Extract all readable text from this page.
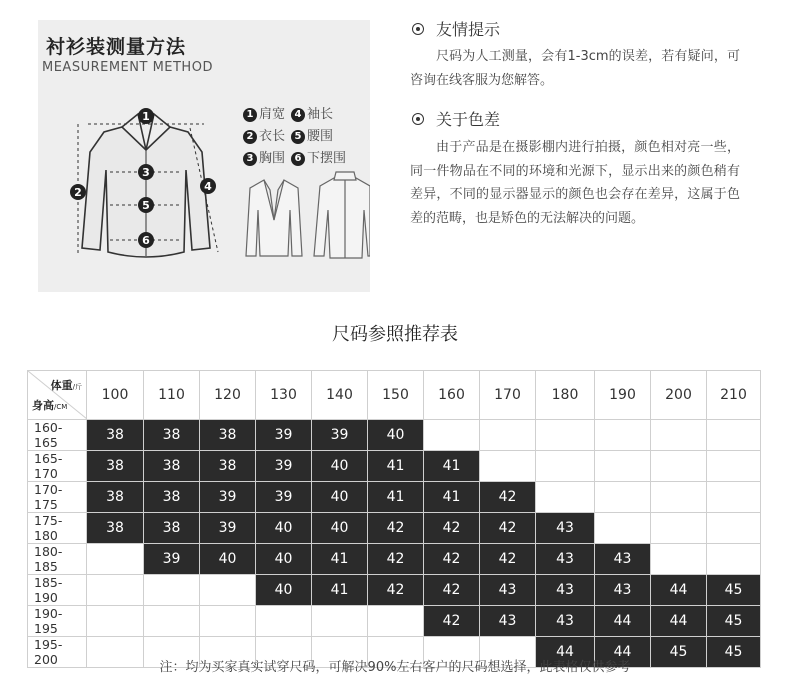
衬衫装测量方法
MEASUREMENT METHOD
1
2
3
4
5
6
1 肩宽 4 袖长
2 衣长 5 腰围
3 胸围 6 下摆围
友情提示
尺码为人工测量，会有1-3cm的误差，若有疑问，可咨询在线客服为您解答。
关于色差
由于产品是在摄影棚内进行拍摄，颜色相对亮一些，同一件物品在不同的环境和光源下，显示出来的颜色稍有差异，不同的显示器显示的颜色也会存在差异，这属于色差的范畴，也是矫色的无法解决的问题。
尺码参照推荐表
体重/斤
身高/CM	100	110	120	130	140	150	160	170	180	190	200	210
160-165	38	38	38	39	39	40						
165-170	38	38	38	39	40	41	41					
170-175	38	38	39	39	40	41	41	42				
175-180	38	38	39	40	40	42	42	42	43			
180-185		39	40	40	41	42	42	42	43	43		
185-190				40	41	42	42	43	43	43	44	45
190-195							42	43	43	44	44	45
195-200									44	44	45	45
注：均为买家真实试穿尺码，可解决90%左右客户的尺码想选择，此表格仅供参考
